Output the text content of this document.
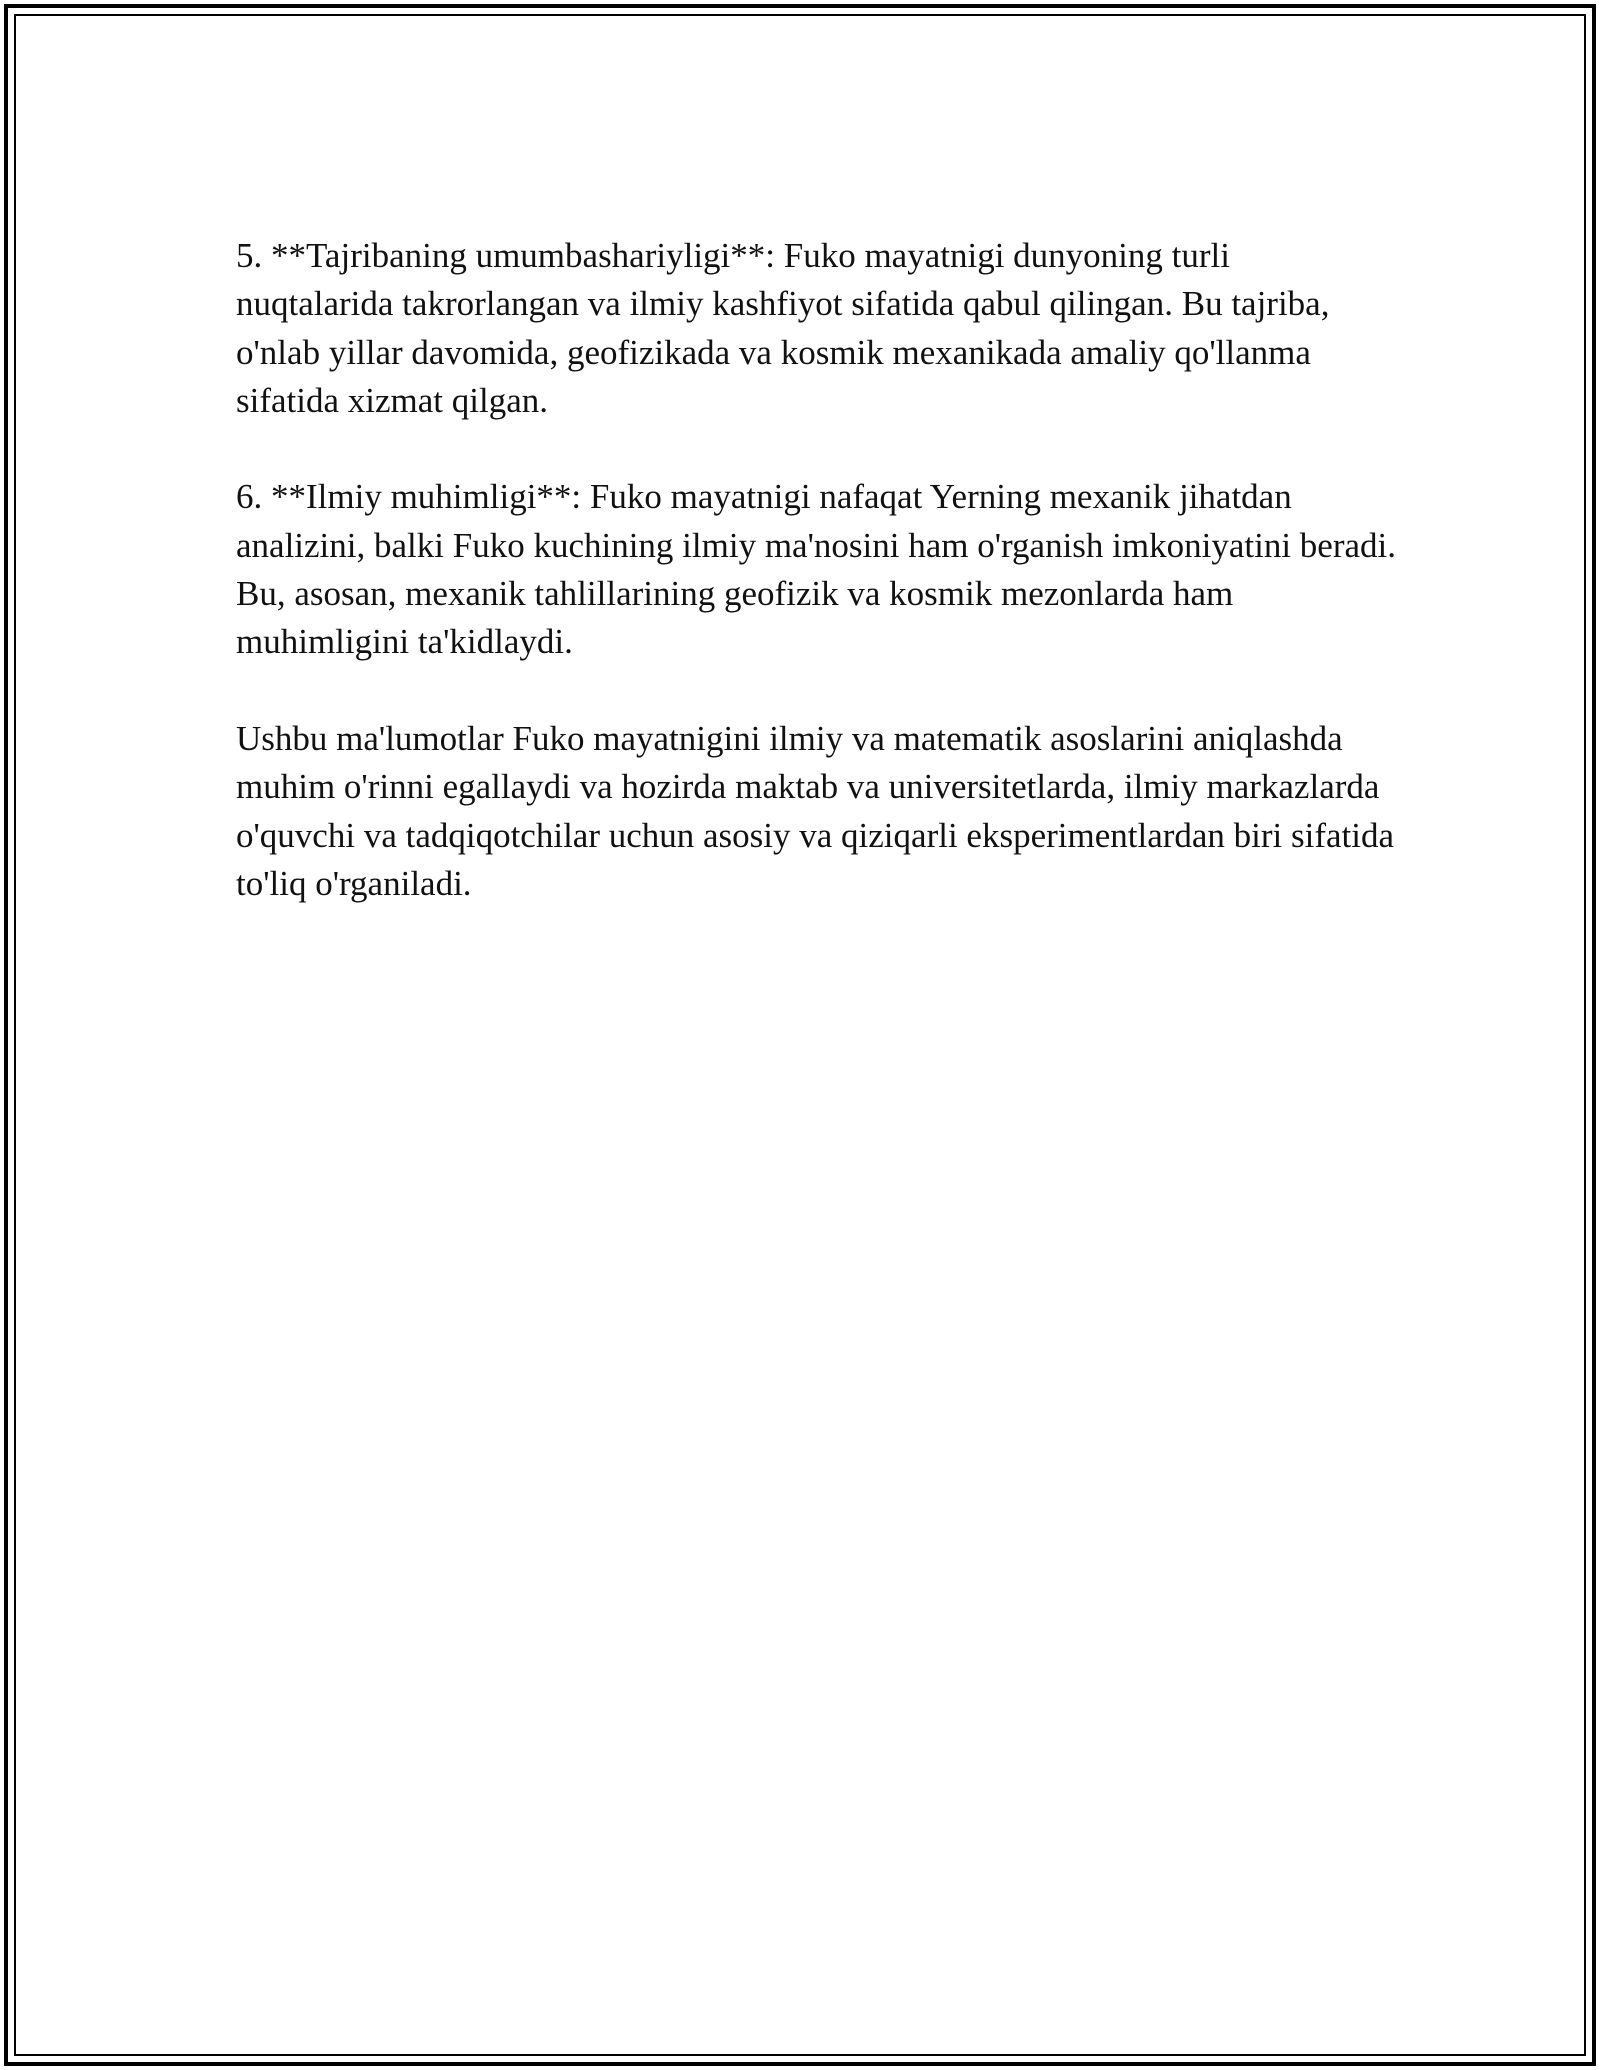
5. **Tajribaning umumbashariyligi**: Fuko mayatnigi dunyoning turli nuqtalarida takrorlangan va ilmiy kashfiyot sifatida qabul qilingan. Bu tajriba, o'nlab yillar davomida, geofizikada va kosmik mexanikada amaliy qo'llanma sifatida xizmat qilgan.

6. **Ilmiy muhimligi**: Fuko mayatnigi nafaqat Yerning mexanik jihatdan analizini, balki Fuko kuchining ilmiy ma'nosini ham o'rganish imkoniyatini beradi. Bu, asosan, mexanik tahlillarining geofizik va kosmik mezonlarda ham muhimligini ta'kidlaydi.

Ushbu ma'lumotlar Fuko mayatnigini ilmiy va matematik asoslarini aniqlashda muhim o'rinni egallaydi va hozirda maktab va universitetlarda, ilmiy markazlarda o'quvchi va tadqiqotchilar uchun asosiy va qiziqarli eksperimentlardan biri sifatida to'liq o'rganiladi.
